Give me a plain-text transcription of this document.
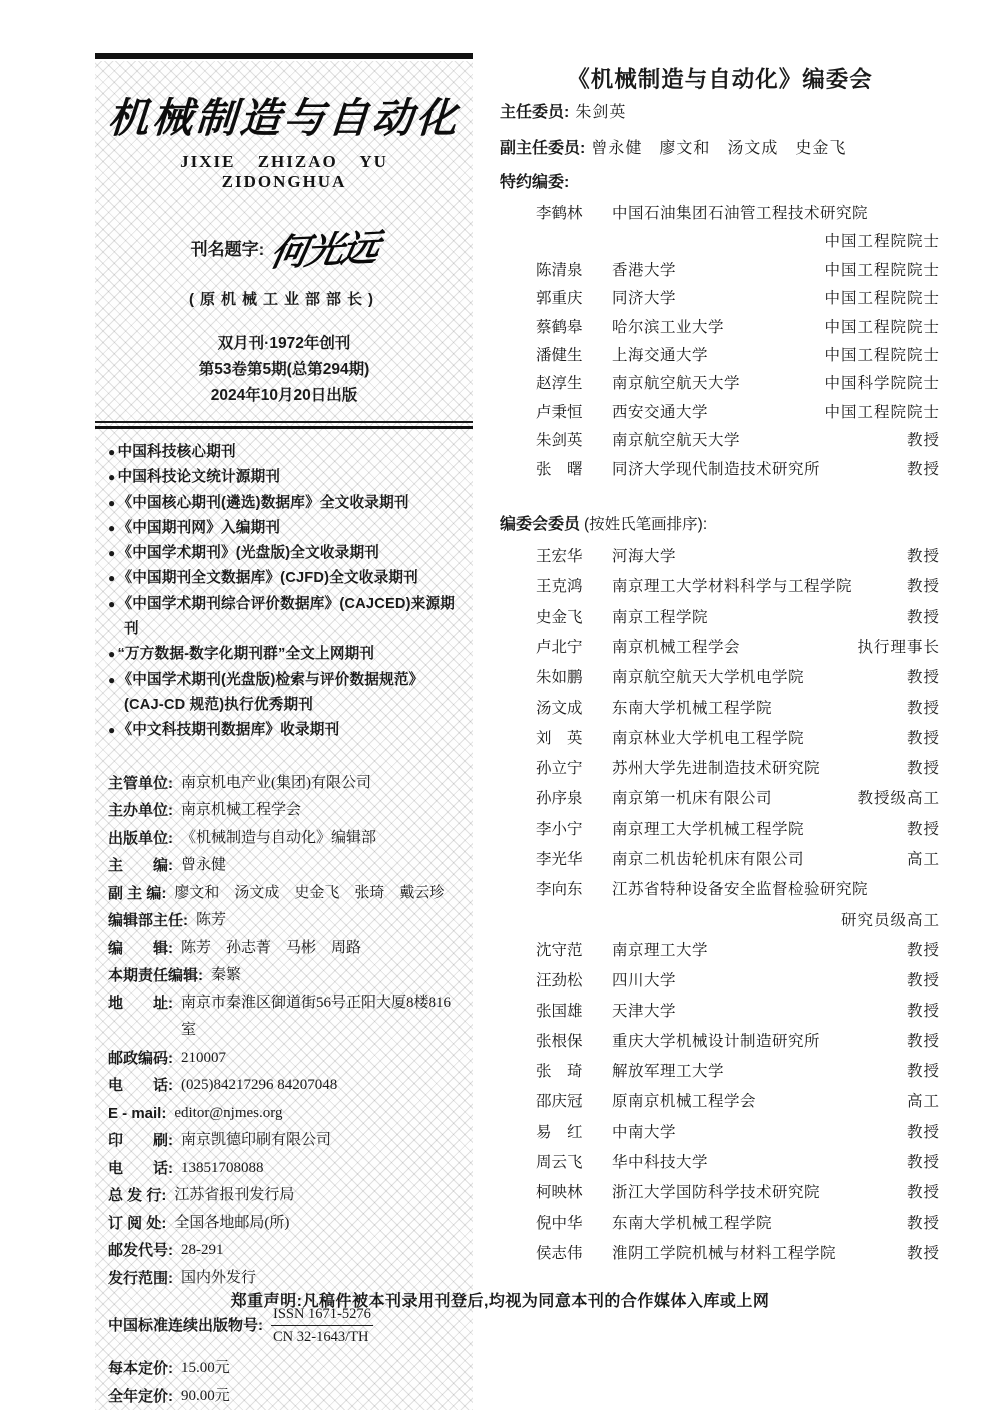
机械制造与自动化
JIXIE ZHIZAO YU ZIDONGHUA
刊名题字: 何光远
(原机械工业部部长)
双月刊·1972年创刊
第53卷第5期(总第294期)
2024年10月20日出版
● 中国科技核心期刊
● 中国科技论文统计源期刊
● 《中国核心期刊(遴选)数据库》全文收录期刊
● 《中国期刊网》入编期刊
● 《中国学术期刊》(光盘版)全文收录期刊
● 《中国期刊全文数据库》(CJFD)全文收录期刊
● 《中国学术期刊综合评价数据库》(CAJCED)来源期刊
● “万方数据-数字化期刊群”全文上网期刊
● 《中国学术期刊(光盘版)检索与评价数据规范》(CAJ-CD 规范)执行优秀期刊
● 《中文科技期刊数据库》收录期刊
主管单位: 南京机电产业(集团)有限公司
主办单位: 南京机械工程学会
出版单位: 《机械制造与自动化》编辑部
主　　编: 曾永健
副 主 编: 廖文和　汤文成　史金飞　张琦　戴云珍
编辑部主任: 陈芳
编　　辑: 陈芳　孙志菁　马彬　周路
本期责任编辑: 秦繁
地　　址: 南京市秦淮区御道街56号正阳大厦8楼816室
邮政编码: 210007
电　　话: (025)84217296 84207048
E - mail: editor@njmes.org
印　　刷: 南京凯德印刷有限公司
电　　话: 13851708088
总 发 行: 江苏省报刊发行局
订 阅 处: 全国各地邮局(所)
邮发代号: 28-291
发行范围: 国内外发行
中国标准连续出版物号: $\frac{\text{ISSN 1671-5276}}{CN 32-1643/TH}$
每本定价: 15.00元
全年定价: 90.00元
《机械制造与自动化》编委会
主任委员: 朱剑英
副主任委员: 曾永健　廖文和　汤文成　史金飞
特约编委:
李鹤林	中国石油集团石油管工程技术研究院
中国工程院院士
陈清泉	香港大学	中国工程院院士
郭重庆	同济大学	中国工程院院士
蔡鹤皋	哈尔滨工业大学	中国工程院院士
潘健生	上海交通大学	中国工程院院士
赵淳生	南京航空航天大学	中国科学院院士
卢秉恒	西安交通大学	中国工程院院士
朱剑英	南京航空航天大学	教授
张　曙	同济大学现代制造技术研究所	教授
编委会委员 (按姓氏笔画排序):
王宏华	河海大学	教授
王克鸿	南京理工大学材料科学与工程学院	教授
史金飞	南京工程学院	教授
卢北宁	南京机械工程学会	执行理事长
朱如鹏	南京航空航天大学机电学院	教授
汤文成	东南大学机械工程学院	教授
刘　英	南京林业大学机电工程学院	教授
孙立宁	苏州大学先进制造技术研究院	教授
孙序泉	南京第一机床有限公司	教授级高工
李小宁	南京理工大学机械工程学院	教授
李光华	南京二机齿轮机床有限公司	高工
李向东	江苏省特种设备安全监督检验研究院
研究员级高工
沈守范	南京理工大学	教授
汪劲松	四川大学	教授
张国雄	天津大学	教授
张根保	重庆大学机械设计制造研究所	教授
张　琦	解放军理工大学	教授
邵庆冠	原南京机械工程学会	高工
易　红	中南大学	教授
周云飞	华中科技大学	教授
柯映林	浙江大学国防科学技术研究院	教授
倪中华	东南大学机械工程学院	教授
侯志伟	淮阴工学院机械与材料工程学院	教授
郑重声明:凡稿件被本刊录用刊登后,均视为同意本刊的合作媒体入库或上网
